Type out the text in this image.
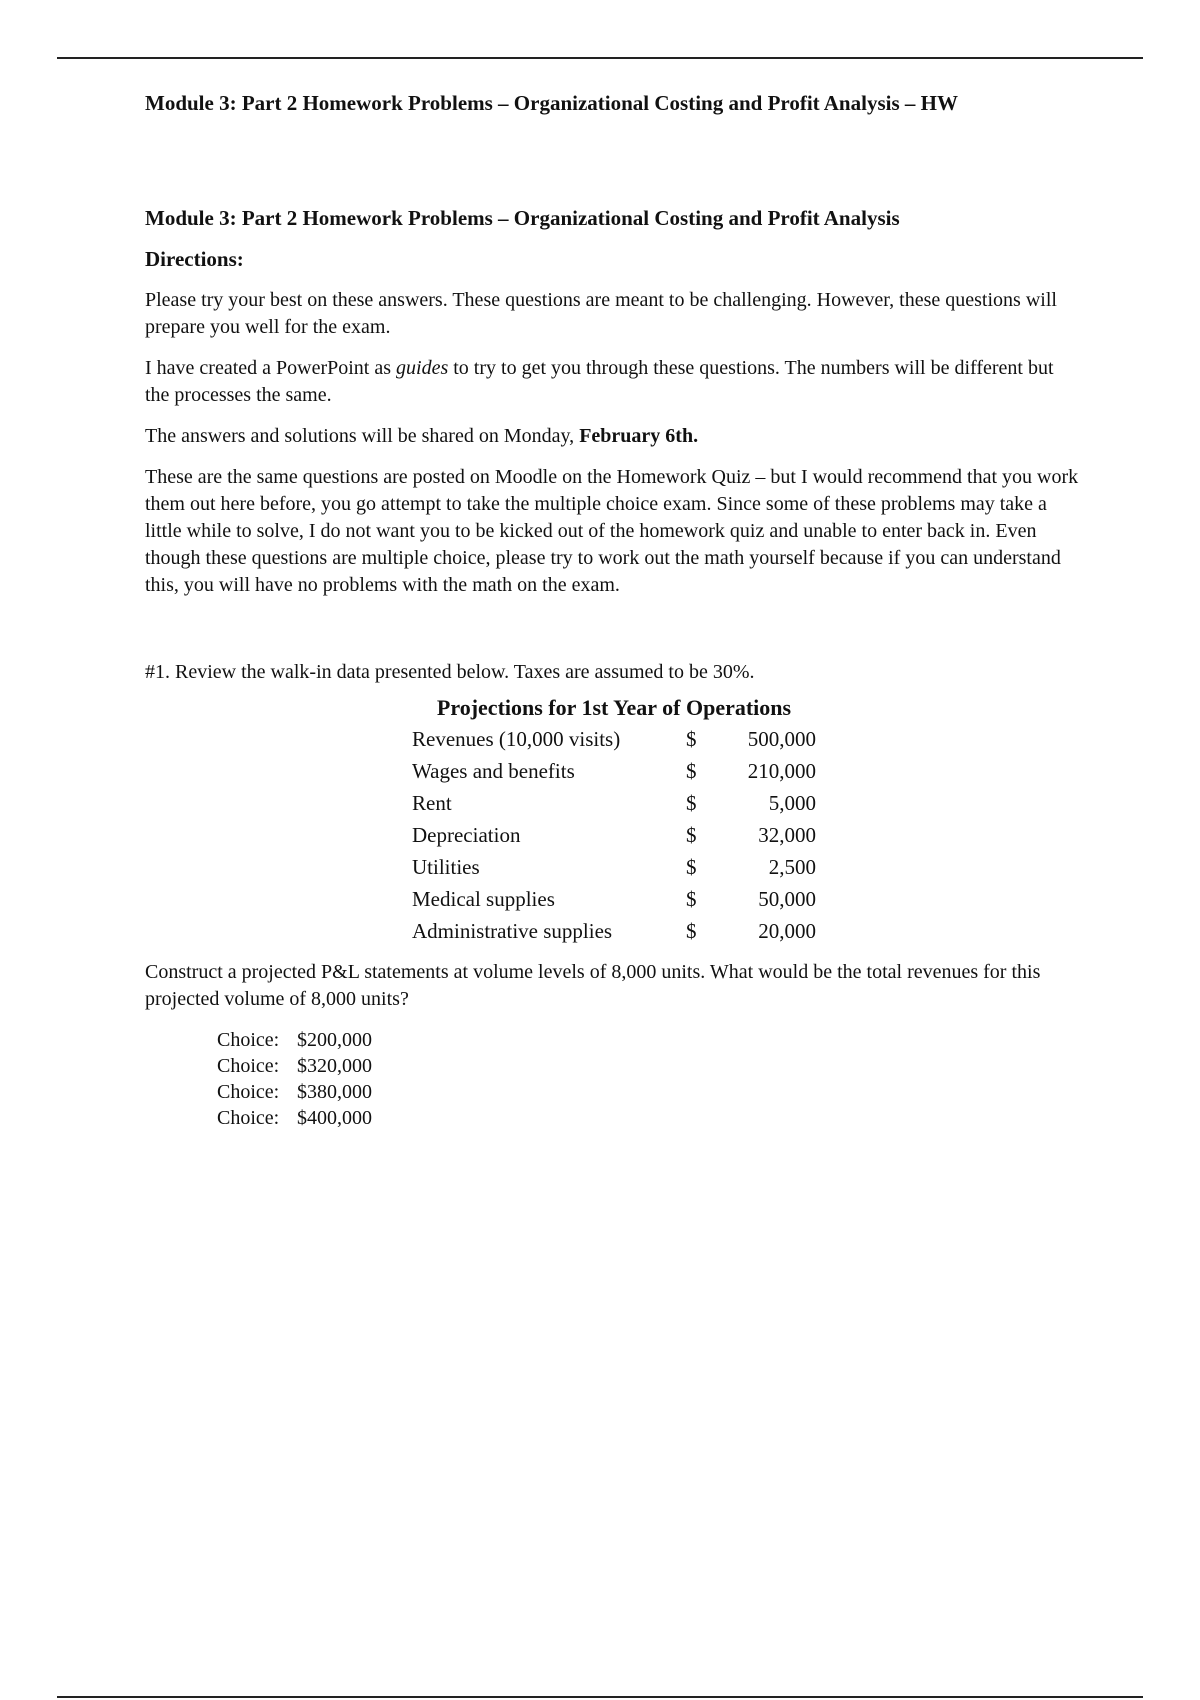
Module 3: Part 2 Homework Problems – Organizational Costing and Profit Analysis – HW
Module 3: Part 2 Homework Problems – Organizational Costing and Profit Analysis
Directions:

Please try your best on these answers. These questions are meant to be challenging. However, these questions will prepare you well for the exam.

I have created a PowerPoint as guides to try to get you through these questions. The numbers will be different but the processes the same.

The answers and solutions will be shared on Monday, February 6th.

These are the same questions are posted on Moodle on the Homework Quiz – but I would recommend that you work them out here before, you go attempt to take the multiple choice exam. Since some of these problems may take a little while to solve, I do not want you to be kicked out of the homework quiz and unable to enter back in. Even though these questions are multiple choice, please try to work out the math yourself because if you can understand this, you will have no problems with the math on the exam.

#1. Review the walk-in data presented below. Taxes are assumed to be 30%.
Projections for 1st Year of Operations
Revenues (10,000 visits)	$	500,000
Wages and benefits	$	210,000
Rent	$	5,000
Depreciation	$	32,000
Utilities	$	2,500
Medical supplies	$	50,000
Administrative supplies	$	20,000

Construct a projected P&L statements at volume levels of 8,000 units. What would be the total revenues for this projected volume of 8,000 units?

Choice: $200,000
Choice: $320,000
Choice: $380,000
Choice: $400,000
